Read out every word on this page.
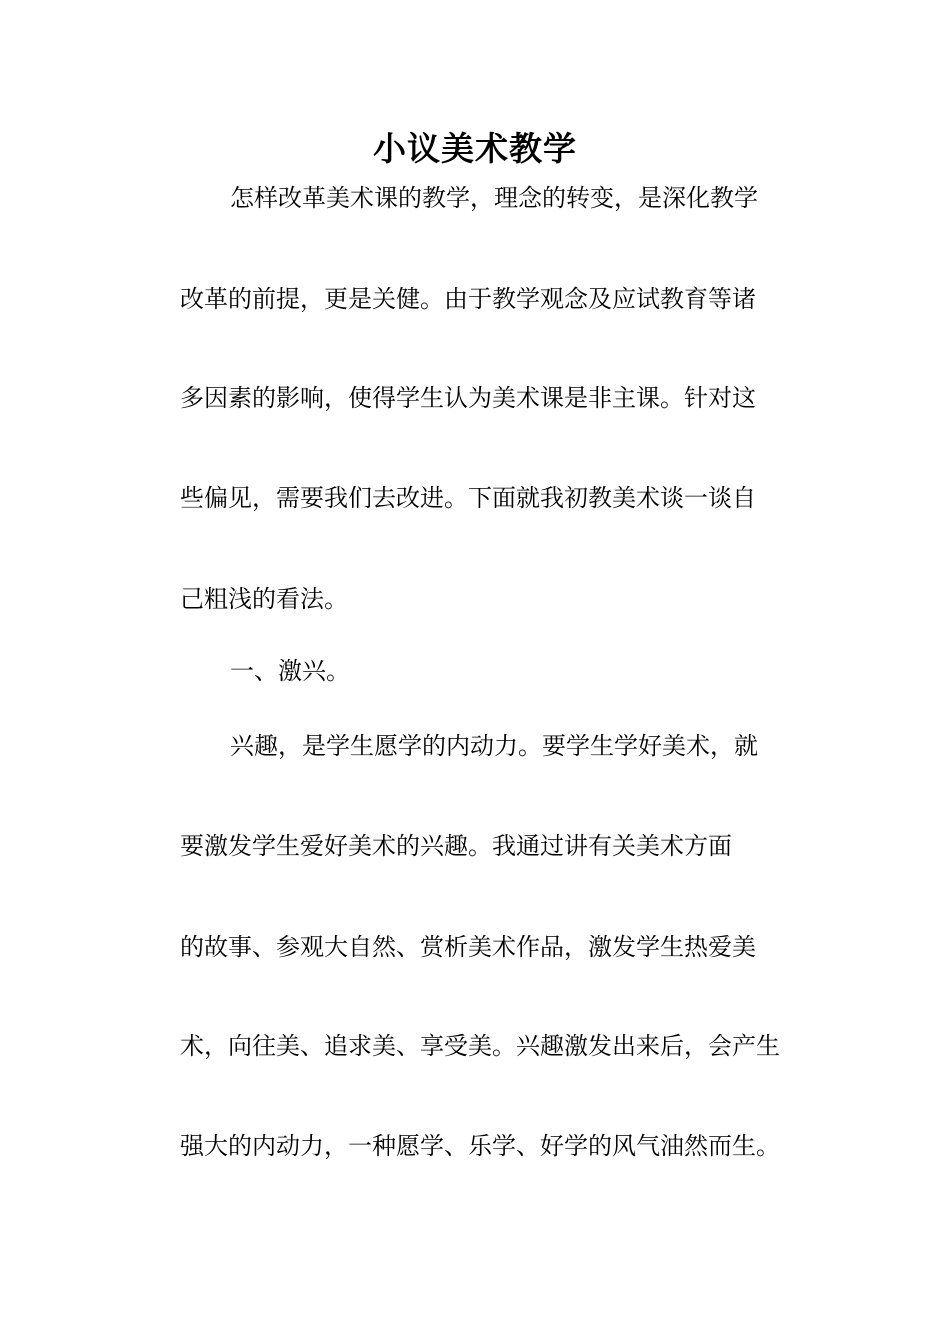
小议美术教学
怎样改革美术课的教学，理念的转变，是深化教学
改革的前提，更是关健。由于教学观念及应试教育等诸
多因素的影响，使得学生认为美术课是非主课。针对这
些偏见，需要我们去改进。下面就我初教美术谈一谈自
己粗浅的看法。
一、激兴。
兴趣，是学生愿学的内动力。要学生学好美术，就
要激发学生爱好美术的兴趣。我通过讲有关美术方面
的故事、参观大自然、赏析美术作品，激发学生热爱美
术，向往美、追求美、享受美。兴趣激发出来后，会产生
强大的内动力，一种愿学、乐学、好学的风气油然而生。
